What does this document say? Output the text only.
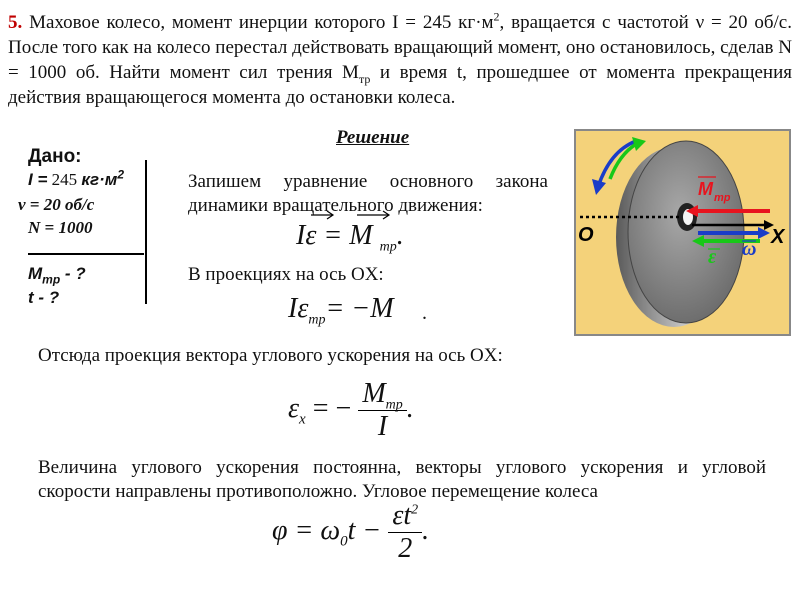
5. Маховое колесо, момент инерции которого I = 245 $кг\cdot м^2$, вращается с частотой ν = 20 об/с. После того как на колесо перестал действовать вращающий момент, оно остановилось, сделав N = 1000 об. Найти момент сил трения $M_{тр}$ и время t, прошедшее от момента прекращения действия вращающегося момента до остановки колеса.
Дано:
I = 245 $кг\cdot м^2$
ν = 20 об/с
N = 1000
$M_{тр}$ - ?
t - ?
Решение
Запишем уравнение основного закона динамики вращательного движения:
Iε = M $_{тр}$.
В проекциях на ось OX:
$I\varepsilon_{тр}= -M$ .
Отсюда проекция вектора углового ускорения на ось OX:
$\varepsilon_x$ = − $\frac{M_{тр}}{I}$ .
Величина углового ускорения постоянна, векторы углового ускорения и угловой скорости направлены противоположно. Угловое перемещение колеса
$\varphi = \omega_0t - \frac{\varepsilon t^2}{2}$ .
O	X
M тр
ω
ε
